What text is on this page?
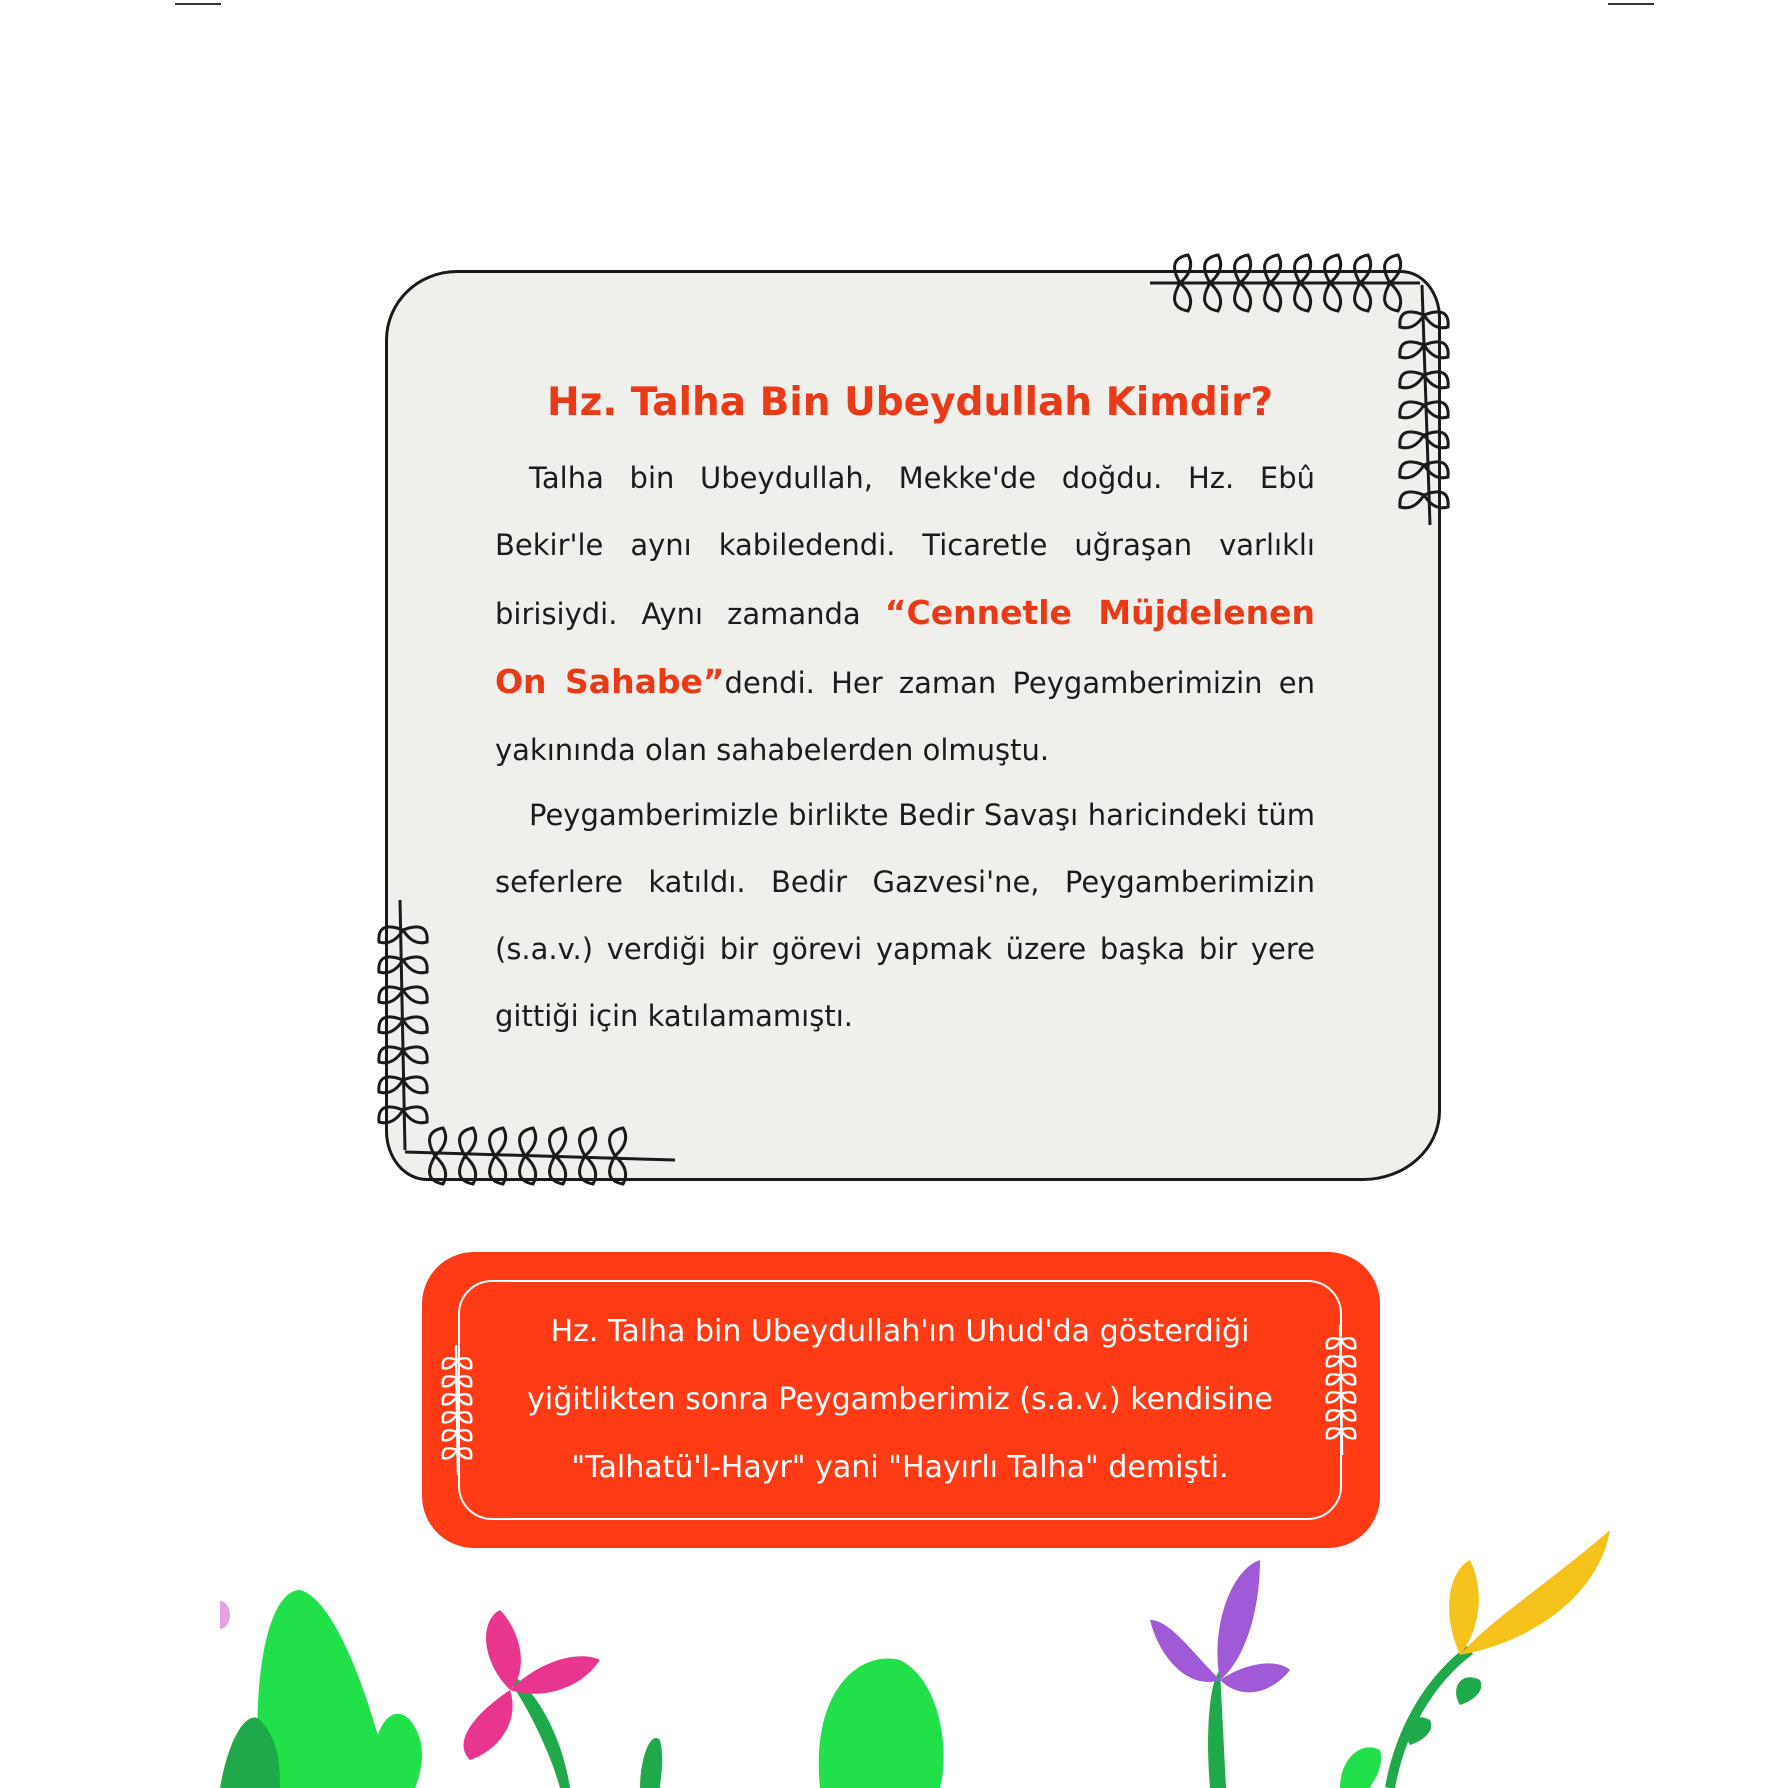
Hz. Talha Bin Ubeydullah Kimdir?

Talha bin Ubeydullah, Mekke'de doğdu. Hz. Ebû Bekir'le aynı kabiledendi. Ticaretle uğraşan varlıklı birisiydi. Aynı zamanda “Cennetle Müjdelenen On Sahabe”dendi. Her zaman Peygamberimizin en yakınında olan sahabelerden olmuştu.

Peygamberimizle birlikte Bedir Savaşı haricindeki tüm seferlere katıldı. Bedir Gazvesi'ne, Peygamberimizin (s.a.v.) verdiği bir görevi yapmak üzere başka bir yere gittiği için katılamamıştı.

Hz. Talha bin Ubeydullah'ın Uhud'da gösterdiği yiğitlikten sonra Peygamberimiz (s.a.v.) kendisine "Talhatü'l-Hayr" yani "Hayırlı Talha" demişti.
